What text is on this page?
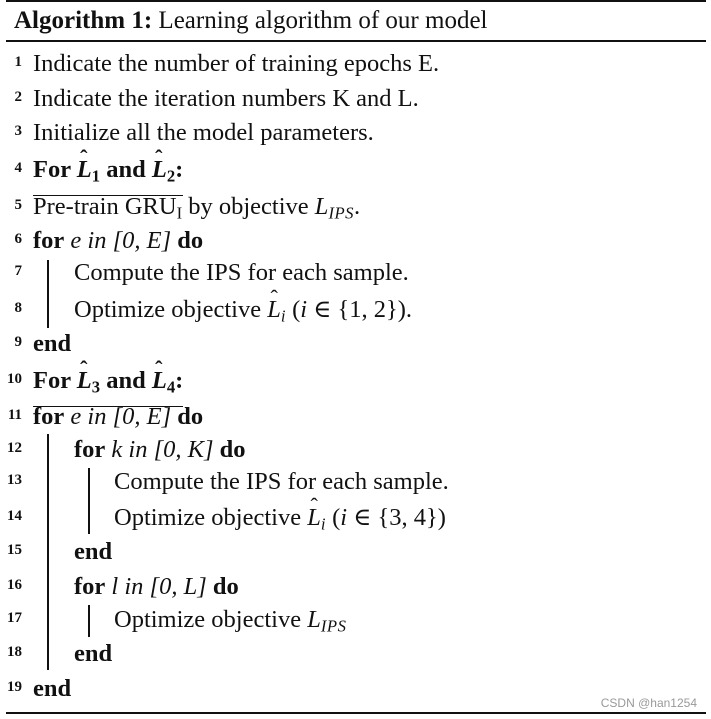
Algorithm 1: Learning algorithm of our model
1 Indicate the number of training epochs E.
2 Indicate the iteration numbers K and L.
3 Initialize all the model parameters.
4 For ˆ $L_1$ and ˆ $L_2$:
5 Pre-train $GRU_I$ by objective LIPS.
6 for e in [0, E] do
7 Compute the IPS for each sample.
8 Optimize objective ˆ Li (i ∈ {1, 2}).
9 end
10 For ˆ $L_3$ and ˆ $L_4$:
11 for e in [0, E] do
12 for k in [0, K] do
13	Compute the IPS for each sample.
14	Optimize objective ˆ Li (i ∈ {3, 4})
15 end
16 for l in [0, L] do
17	Optimize objective LIPS
18 end
19 end
CSDN @han1254
